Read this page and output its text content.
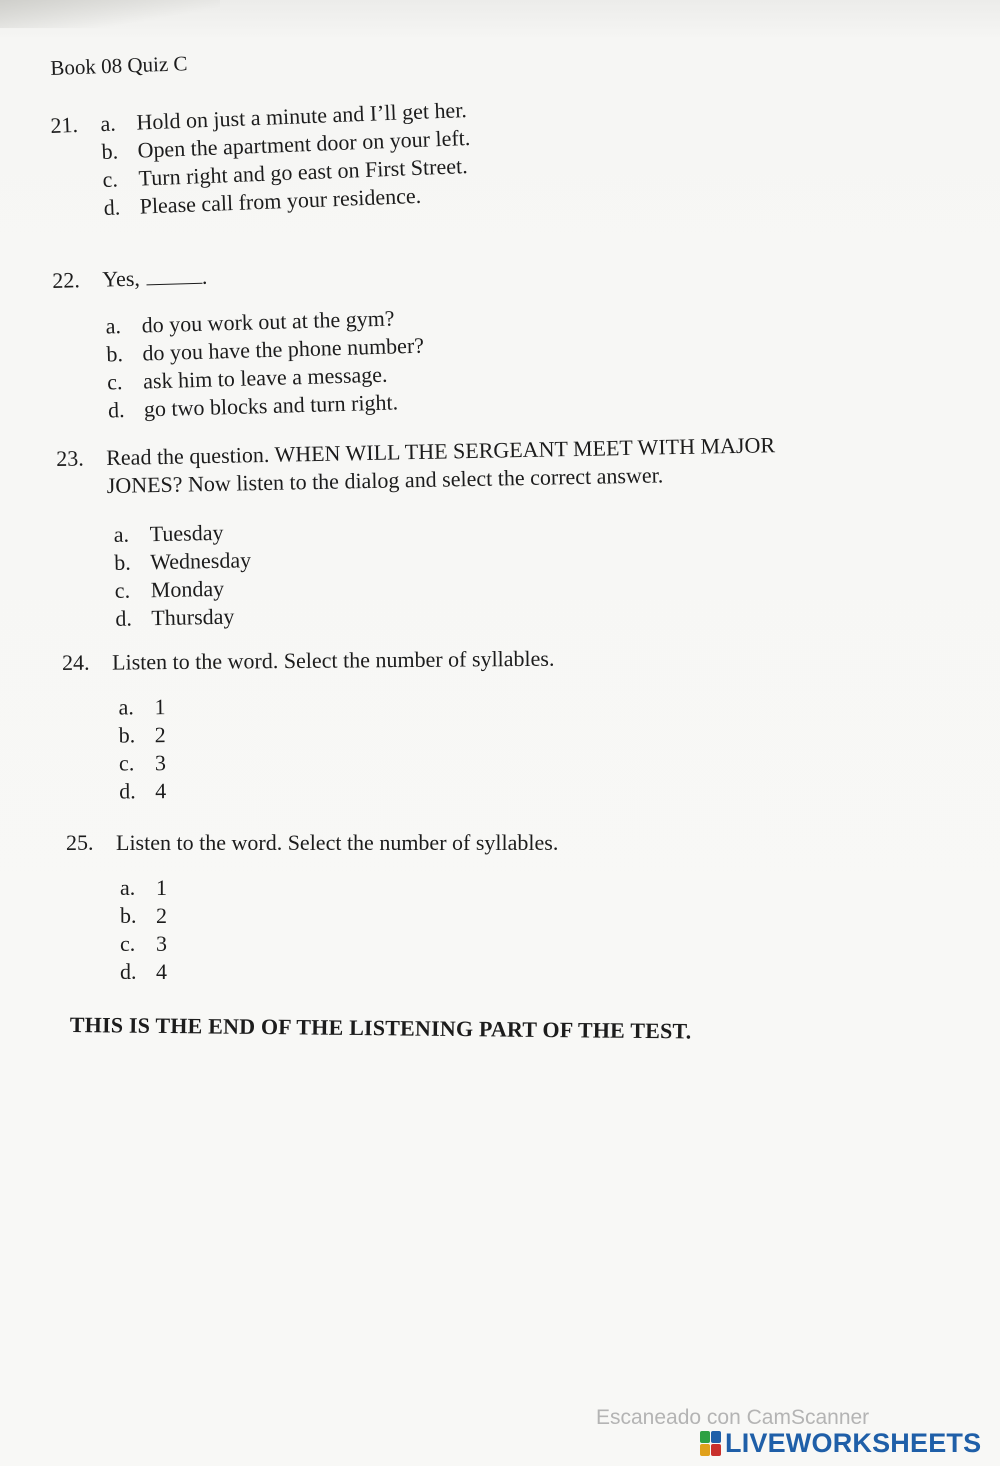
Book 08 Quiz C
21. a. Hold on just a minute and I’ll get her.
b. Open the apartment door on your left.
c. Turn right and go east on First Street.
d. Please call from your residence.
22. Yes,	.
a. do you work out at the gym?
b. do you have the phone number?
c. ask him to leave a message.
d. go two blocks and turn right.
23.	Read the question. WHEN WILL THE SERGEANT MEET WITH MAJOR
JONES? Now listen to the dialog and select the correct answer.
a. Tuesday
b. Wednesday
c. Monday
d. Thursday
24.	Listen to the word. Select the number of syllables.
a. 1
b. 2
c. 3
d. 4
25.	Listen to the word. Select the number of syllables.
a. 1
b. 2
c. 3
d. 4
THIS IS THE END OF THE LISTENING PART OF THE TEST.
Escaneado con CamScanner
LIVEWORKSHEETS
